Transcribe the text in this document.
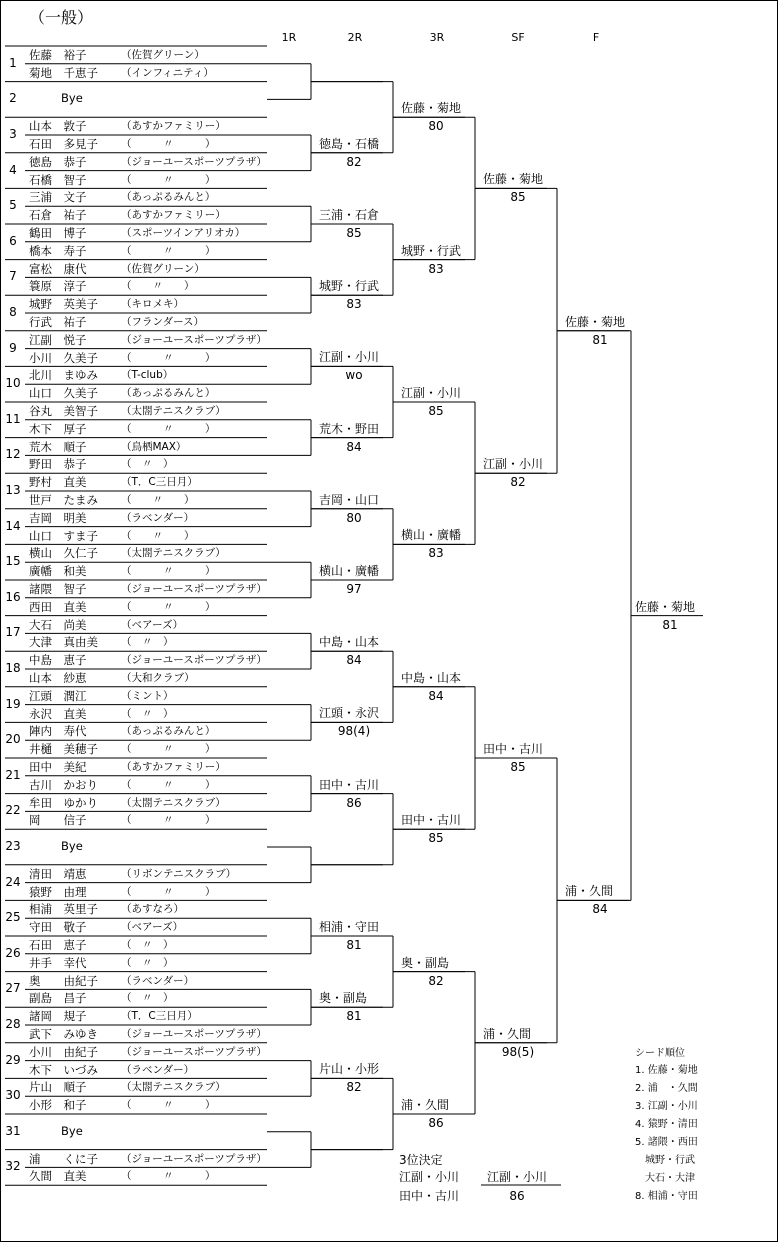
（一般）
1R	2R	3R	SF	F
1
佐藤　裕子	（佐賀グリーン）
菊地　千恵子 （インフィニティ）
2	Bye
3
山本　敦子	（あすかファミリー）
石田　多見子 （　　　〃　　　）
4
徳島　恭子	（ジョーユースポーツプラザ）
石橋　智子	（　　　〃　　　）
5
三浦　文子	（あっぷるみんと）
石倉　祐子	（あすかファミリー）
6
鶴田　博子	（スポーツインアリオカ）
橋本　寿子	（　　　〃　　　）
7
富松　康代	（佐賀グリーン）
簑原　淳子	（　　〃　　）
8
城野　英美子 （キロメキ）
行武　祐子	（フランダース）
9
江副　悦子	（ジョーユースポーツプラザ）
小川　久美子 （　　　〃　　　）
10
北川　まゆみ （T-club）
山口　久美子 （あっぷるみんと）
11
谷丸　美智子 （太閤テニスクラブ）
木下　厚子	（　　　〃　　　）
12
荒木　順子	（鳥栖MAX）
野田　恭子	（　〃　）
13
野村　直美	（T．C三日月）
世戸　たまみ （　　〃　　）
14
吉岡　明美	（ラベンダー）
山口　すま子 （　　〃　　）
15
横山　久仁子 （太閤テニスクラブ）
廣幡　和美	（　　　〃　　　）
16
諸隈　智子	（ジョーユースポーツプラザ）
西田　直美	（　　　〃　　　）
17
大石　尚美	（ベアーズ）
大津　真由美 （　〃　）
18
中島　恵子	（ジョーユースポーツプラザ）
山本　紗恵	（大和クラブ）
19
江頭　潤江	（ミント）
永沢　直美	（　〃　）
20
陣内　寿代	（あっぷるみんと）
井樋　美穂子 （　　　〃　　　）
21
田中　美紀	（あすかファミリー）
古川　かおり （　　　〃　　　）
22
牟田　ゆかり （太閤テニスクラブ）
岡　　信子	（　　　〃　　　）
23	Bye
24
清田　靖恵	（リボンテニスクラブ）
猿野　由理	（　　　〃　　　）
25
相浦　英里子 （あすなろ）
守田　敬子	（ベアーズ）
26
石田　恵子	（　〃　）
井手　幸代	（　〃　）
27
奥　　由紀子 （ラベンダー）
副島　昌子	（　〃　）
28
諸岡　規子	（T．C三日月）
武下　みゆき （ジョーユースポーツプラザ）
29
小川　由紀子 （ジョーユースポーツプラザ）
木下　いづみ （ラベンダー）
30
片山　順子	（太閤テニスクラブ）
小形　和子	（　　　〃　　　）
31	Bye
32
浦　　くに子 （ジョーユースポーツプラザ）
久間　直美	（　　　〃　　　）
徳島・石橋
82
三浦・石倉
85
城野・行武
83
江副・小川
wo
荒木・野田
84
吉岡・山口
80
横山・廣幡
97
中島・山本
84
江頭・永沢
98(4)
田中・古川
86
相浦・守田
81
奥・副島
81
片山・小形
82
佐藤・菊地
80
城野・行武
83
江副・小川
85
横山・廣幡
83
中島・山本
84
田中・古川
85
奥・副島
82
浦・久間
86
佐藤・菊地
85
江副・小川
82
田中・古川
85
浦・久間
98(5)
佐藤・菊地
81
浦・久間
84
佐藤・菊地
81
3位決定
江副・小川
田中・古川
江副・小川
86
シード順位
1. 佐藤・菊地
2. 浦　・久間
3. 江副・小川
4. 猿野・清田
5. 諸隈・西田
　城野・行武
　大石・大津
8. 相浦・守田
